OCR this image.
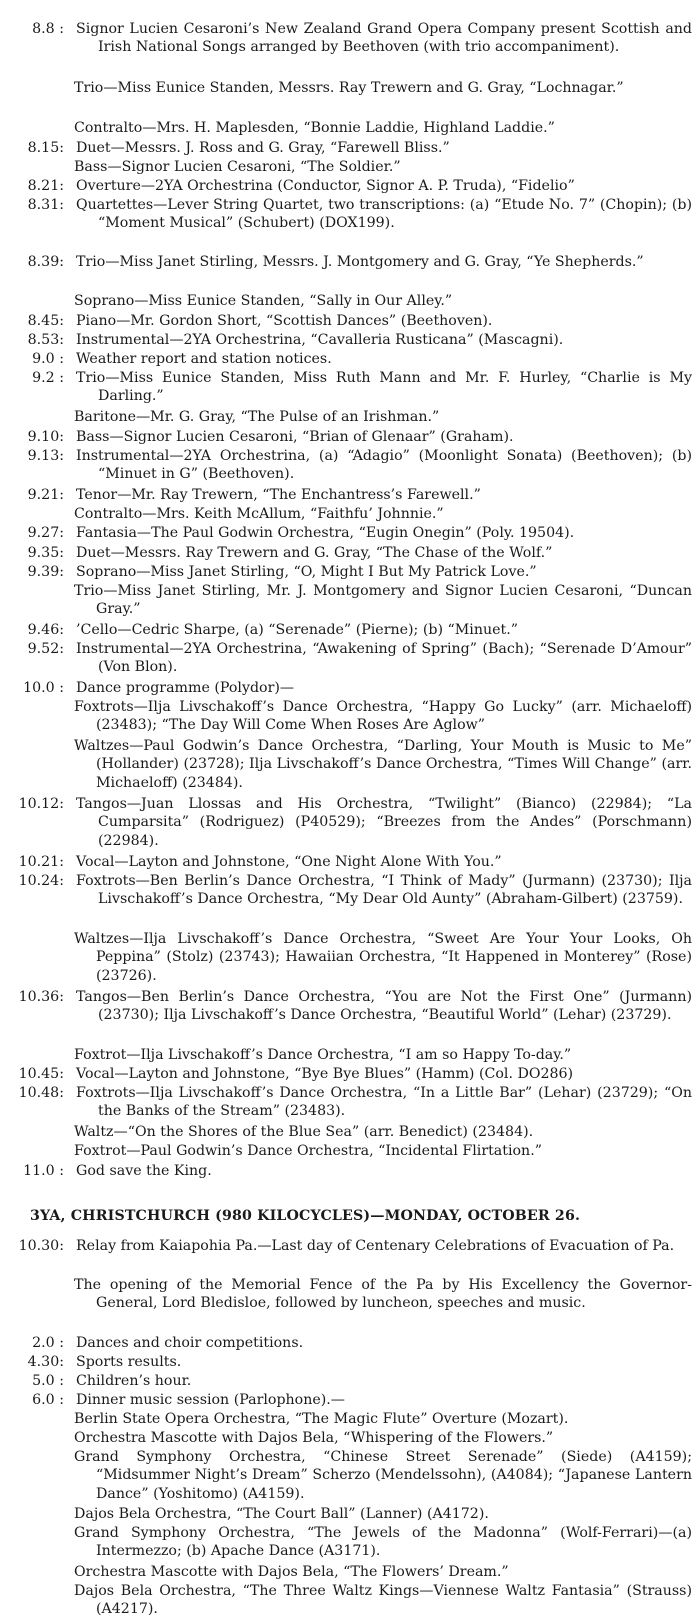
8.8 : Signor Lucien Cesaroni’s New Zealand Grand Opera Company present Scottish and Irish National Songs arranged by Beethoven (with trio accompaniment).
Trio—Miss Eunice Standen, Messrs. Ray Trewern and G. Gray, “Lochnagar.”
Contralto—Mrs. H. Maplesden, “Bonnie Laddie, Highland Laddie.”
8.15: Duet—Messrs. J. Ross and G. Gray, “Farewell Bliss.”
Bass—Signor Lucien Cesaroni, “The Soldier.”
8.21: Overture—2YA Orchestrina (Conductor, Signor A. P. Truda), “Fidelio”
8.31: Quartettes—Lever String Quartet, two transcriptions: (a) “Etude No. 7” (Chopin); (b) “Moment Musical” (Schubert) (DOX199).
8.39: Trio—Miss Janet Stirling, Messrs. J. Montgomery and G. Gray, “Ye Shepherds.”
Soprano—Miss Eunice Standen, “Sally in Our Alley.”
8.45: Piano—Mr. Gordon Short, “Scottish Dances” (Beethoven).
8.53: Instrumental—2YA Orchestrina, “Cavalleria Rusticana” (Mascagni).
9.0 : Weather report and station notices.
9.2 : Trio—Miss Eunice Standen, Miss Ruth Mann and Mr. F. Hurley, “Charlie is My Darling.”
Baritone—Mr. G. Gray, “The Pulse of an Irishman.”
9.10: Bass—Signor Lucien Cesaroni, “Brian of Glenaar” (Graham).
9.13: Instrumental—2YA Orchestrina, (a) “Adagio” (Moonlight Sonata) (Beethoven); (b) “Minuet in G” (Beethoven).
9.21: Tenor—Mr. Ray Trewern, “The Enchantress’s Farewell.”
Contralto—Mrs. Keith McAllum, “Faithfu’ Johnnie.”
9.27: Fantasia—The Paul Godwin Orchestra, “Eugin Onegin” (Poly. 19504).
9.35: Duet—Messrs. Ray Trewern and G. Gray, “The Chase of the Wolf.”
9.39: Soprano—Miss Janet Stirling, “O, Might I But My Patrick Love.”
Trio—Miss Janet Stirling, Mr. J. Montgomery and Signor Lucien Cesaroni, “Duncan Gray.”
9.46: ’Cello—Cedric Sharpe, (a) “Serenade” (Pierne); (b) “Minuet.”
9.52: Instrumental—2YA Orchestrina, “Awakening of Spring” (Bach); “Serenade D’Amour” (Von Blon).
10.0 : Dance programme (Polydor)—
Foxtrots—Ilja Livschakoff’s Dance Orchestra, “Happy Go Lucky” (arr. Michaeloff) (23483); “The Day Will Come When Roses Are Aglow”
Waltzes—Paul Godwin’s Dance Orchestra, “Darling, Your Mouth is Music to Me” (Hollander) (23728); Ilja Livschakoff’s Dance Orchestra, “Times Will Change” (arr. Michaeloff) (23484).
10.12: Tangos—Juan Llossas and His Orchestra, “Twilight” (Bianco) (22984); “La Cumparsita” (Rodriguez) (P40529); “Breezes from the Andes” (Porschmann) (22984).
10.21: Vocal—Layton and Johnstone, “One Night Alone With You.”
10.24: Foxtrots—Ben Berlin’s Dance Orchestra, “I Think of Mady” (Jurmann) (23730); Ilja Livschakoff’s Dance Orchestra, “My Dear Old Aunty” (Abraham-Gilbert) (23759).
Waltzes—Ilja Livschakoff’s Dance Orchestra, “Sweet Are Your Your Looks, Oh Peppina” (Stolz) (23743); Hawaiian Orchestra, “It Happened in Monterey” (Rose) (23726).
10.36: Tangos—Ben Berlin’s Dance Orchestra, “You are Not the First One” (Jurmann) (23730); Ilja Livschakoff’s Dance Orchestra, “Beautiful World” (Lehar) (23729).
Foxtrot—Ilja Livschakoff’s Dance Orchestra, “I am so Happy To-day.”
10.45: Vocal—Layton and Johnstone, “Bye Bye Blues” (Hamm) (Col. DO286)
10.48: Foxtrots—Ilja Livschakoff’s Dance Orchestra, “In a Little Bar” (Lehar) (23729); “On the Banks of the Stream” (23483).
Waltz—“On the Shores of the Blue Sea” (arr. Benedict) (23484).
Foxtrot—Paul Godwin’s Dance Orchestra, “Incidental Flirtation.”
11.0 : God save the King.
3YA, CHRISTCHURCH (980 KILOCYCLES)—MONDAY, OCTOBER 26.
10.30: Relay from Kaiapohia Pa.—Last day of Centenary Celebrations of Evacuation of Pa.
The opening of the Memorial Fence of the Pa by His Excellency the Governor-General, Lord Bledisloe, followed by luncheon, speeches and music.
2.0 : Dances and choir competitions.
4.30: Sports results.
5.0 : Children’s hour.
6.0 : Dinner music session (Parlophone).—
Berlin State Opera Orchestra, “The Magic Flute” Overture (Mozart).
Orchestra Mascotte with Dajos Bela, “Whispering of the Flowers.”
Grand Symphony Orchestra, “Chinese Street Serenade” (Siede) (A4159); “Midsummer Night’s Dream” Scherzo (Mendelssohn), (A4084); “Japanese Lantern Dance” (Yoshitomo) (A4159).
Dajos Bela Orchestra, “The Court Ball” (Lanner) (A4172).
Grand Symphony Orchestra, “The Jewels of the Madonna” (Wolf-Ferrari)—(a) Intermezzo; (b) Apache Dance (A3171).
Orchestra Mascotte with Dajos Bela, “The Flowers’ Dream.”
Dajos Bela Orchestra, “The Three Waltz Kings—Viennese Waltz Fantasia” (Strauss) (A4217).
